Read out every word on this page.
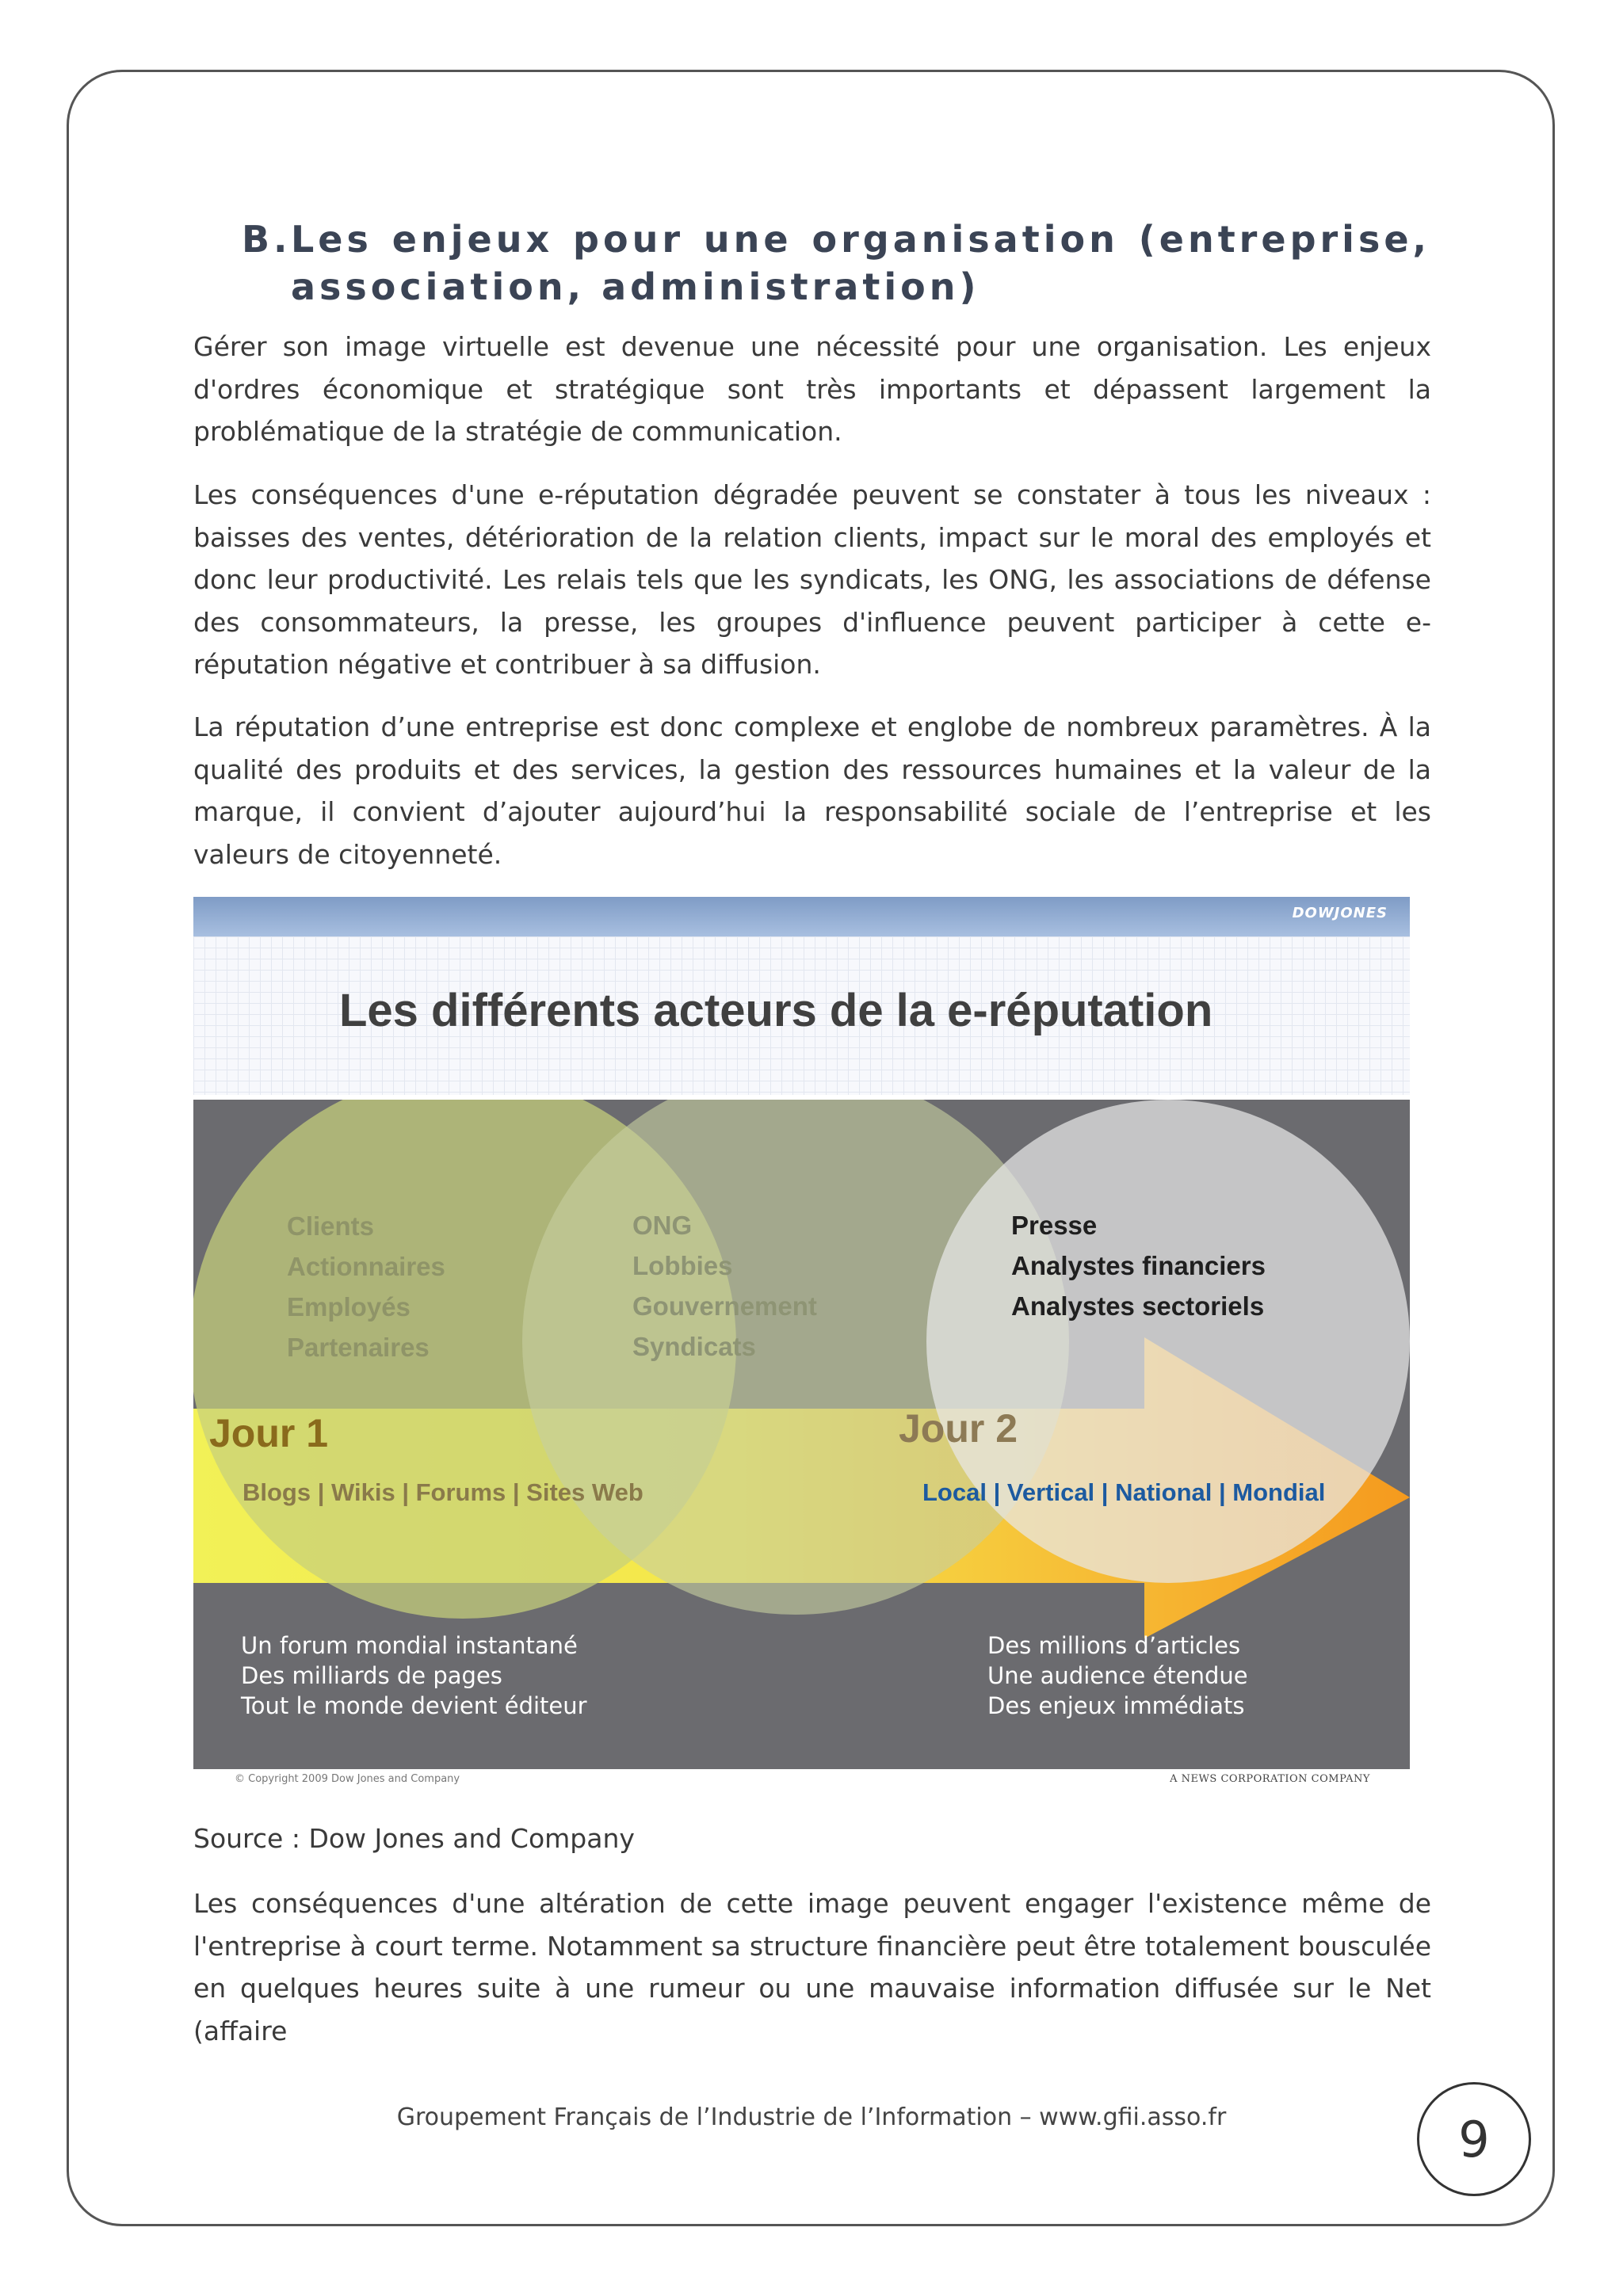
B. Les enjeux pour une organisation (entreprise, association, administration)
Gérer son image virtuelle est devenue une nécessité pour une organisation. Les enjeux d'ordres économique et stratégique sont très importants et dépassent largement la problématique de la stratégie de communication.
Les conséquences d'une e-réputation dégradée peuvent se constater à tous les niveaux : baisses des ventes, détérioration de la relation clients, impact sur le moral des employés et donc leur productivité. Les relais tels que les syndicats, les ONG, les associations de défense des consommateurs, la presse, les groupes d'influence peuvent participer à cette e-réputation négative et contribuer à sa diffusion.
La réputation d’une entreprise est donc complexe et englobe de nombreux paramètres. À la qualité des produits et des services, la gestion des ressources humaines et la valeur de la marque, il convient d’ajouter aujourd’hui la responsabilité sociale de l’entreprise et les valeurs de citoyenneté.
DOWJONES
Les différents acteurs de la e-réputation
Clients
Actionnaires
Employés
Partenaires
ONG
Lobbies
Gouvernement
Syndicats
Presse
Analystes financiers
Analystes sectoriels
Jour 1	Jour 2
Blogs | Wikis | Forums | Sites Web	Local | Vertical | National | Mondial
Un forum mondial instantané
Des milliards de pages
Tout le monde devient éditeur
Des millions d’articles
Une audience étendue
Des enjeux immédiats
© Copyright 2009 Dow Jones and Company	A NEWS CORPORATION COMPANY
Source : Dow Jones and Company
Les conséquences d'une altération de cette image peuvent engager l'existence même de l'entreprise à court terme. Notamment sa structure financière peut être totalement bousculée en quelques heures suite à une rumeur ou une mauvaise information diffusée sur le Net (affaire
Groupement Français de l’Industrie de l’Information – www.gfii.asso.fr	9
